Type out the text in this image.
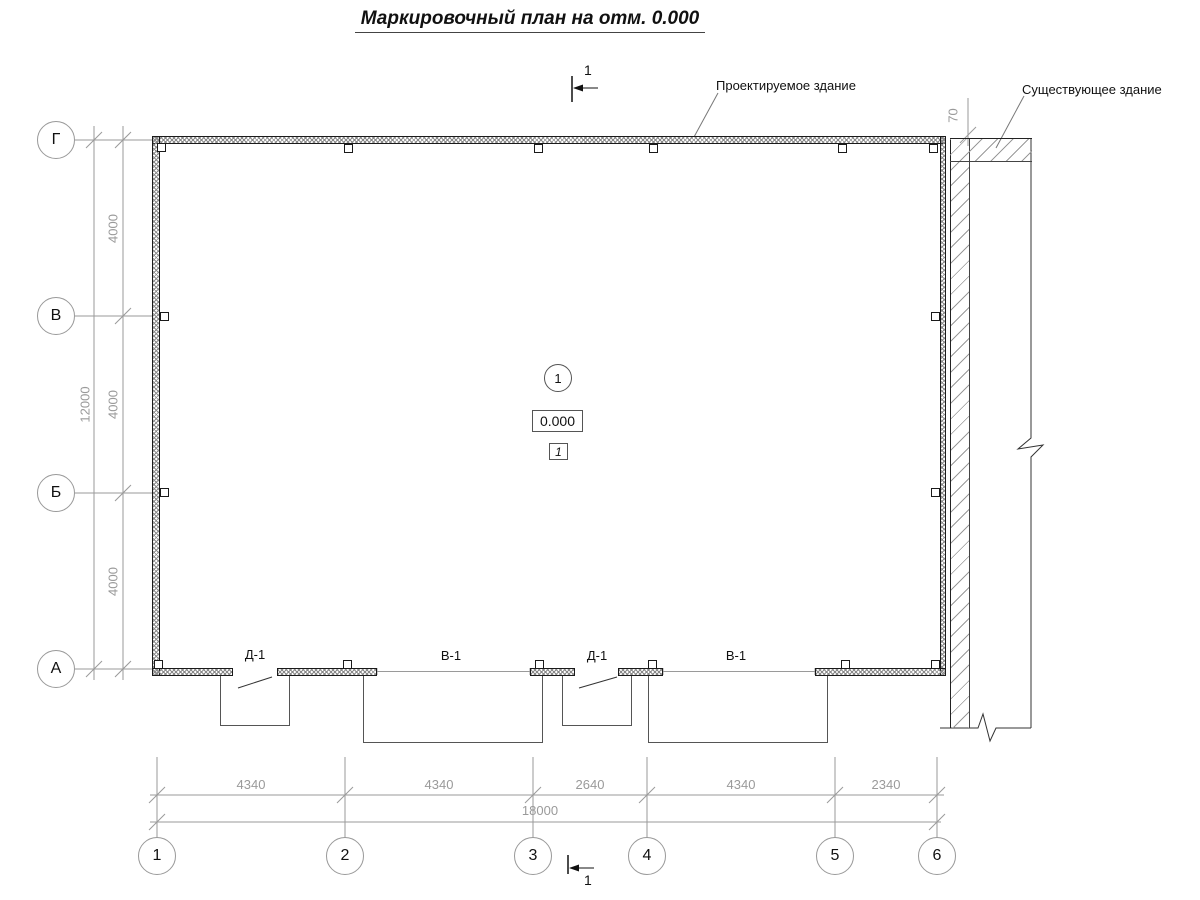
Маркировочный план на отм. 0.000
Д-1	В-1	Д-1	В-1
Проектируемое здание	Существующее здание
70
1
1
Г
В
Б
А
1	2	3	4	5	6
4000
4000
4000
12000
4340	4340	2640	4340	2340
18000
1
0.000
1
